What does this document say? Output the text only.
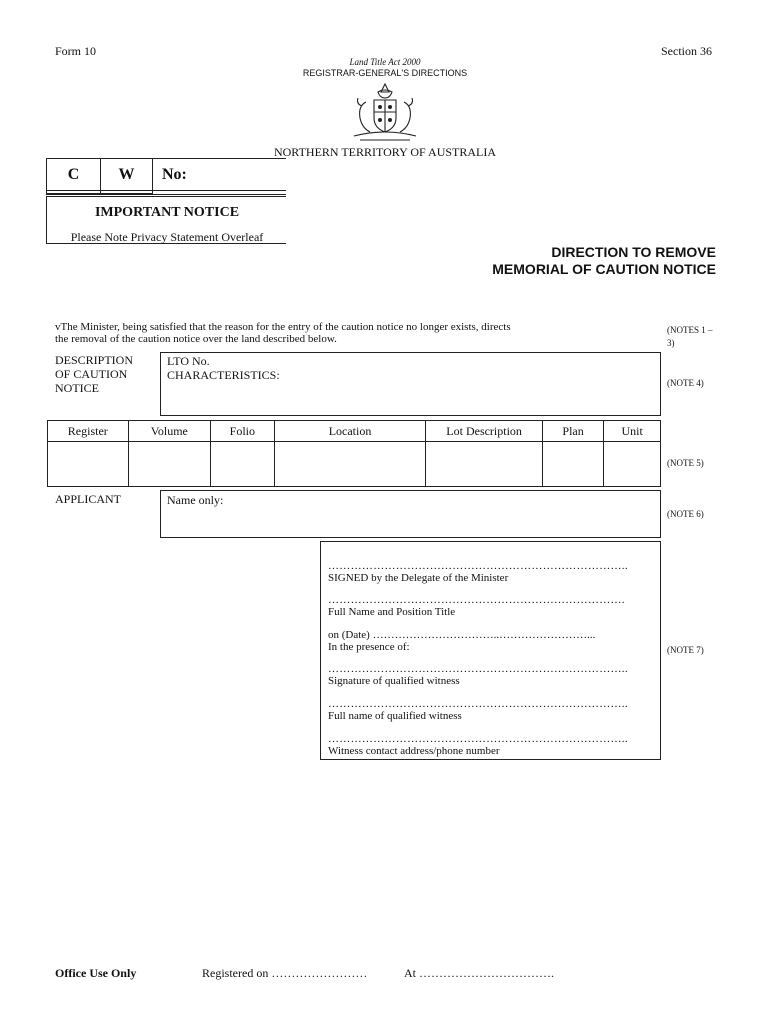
Form 10	Section 36
Land Title Act 2000
REGISTRAR-GENERAL'S DIRECTIONS
NORTHERN TERRITORY OF AUSTRALIA
C	W	No:
IMPORTANT NOTICE
Please Note Privacy Statement Overleaf
DIRECTION TO REMOVE
MEMORIAL OF CAUTION NOTICE
vThe Minister, being satisfied that the reason for the entry of the caution notice no longer exists, directs
the removal of the caution notice over the land described below.
(NOTES 1 – 3)
DESCRIPTION
OF CAUTION
NOTICE
LTO No.
CHARACTERISTICS:
(NOTE 4)
Register	Volume	Folio	Location	Lot Description	Plan	Unit

(NOTE 5)
APPLICANT	Name only:
(NOTE 6)
……………………………………………………………………..
SIGNED by the Delegate of the Minister
…………………………………………………………………….
Full Name and Position Title
on (Date) ……………………………..……………………...
In the presence of:
……………………………………………………………………..
Signature of qualified witness
……………………………………………………………………..
Full name of qualified witness
……………………………………………………………………..
Witness contact address/phone number
(NOTE 7)
Office Use Only	Registered on ……………………	At …………………………….
